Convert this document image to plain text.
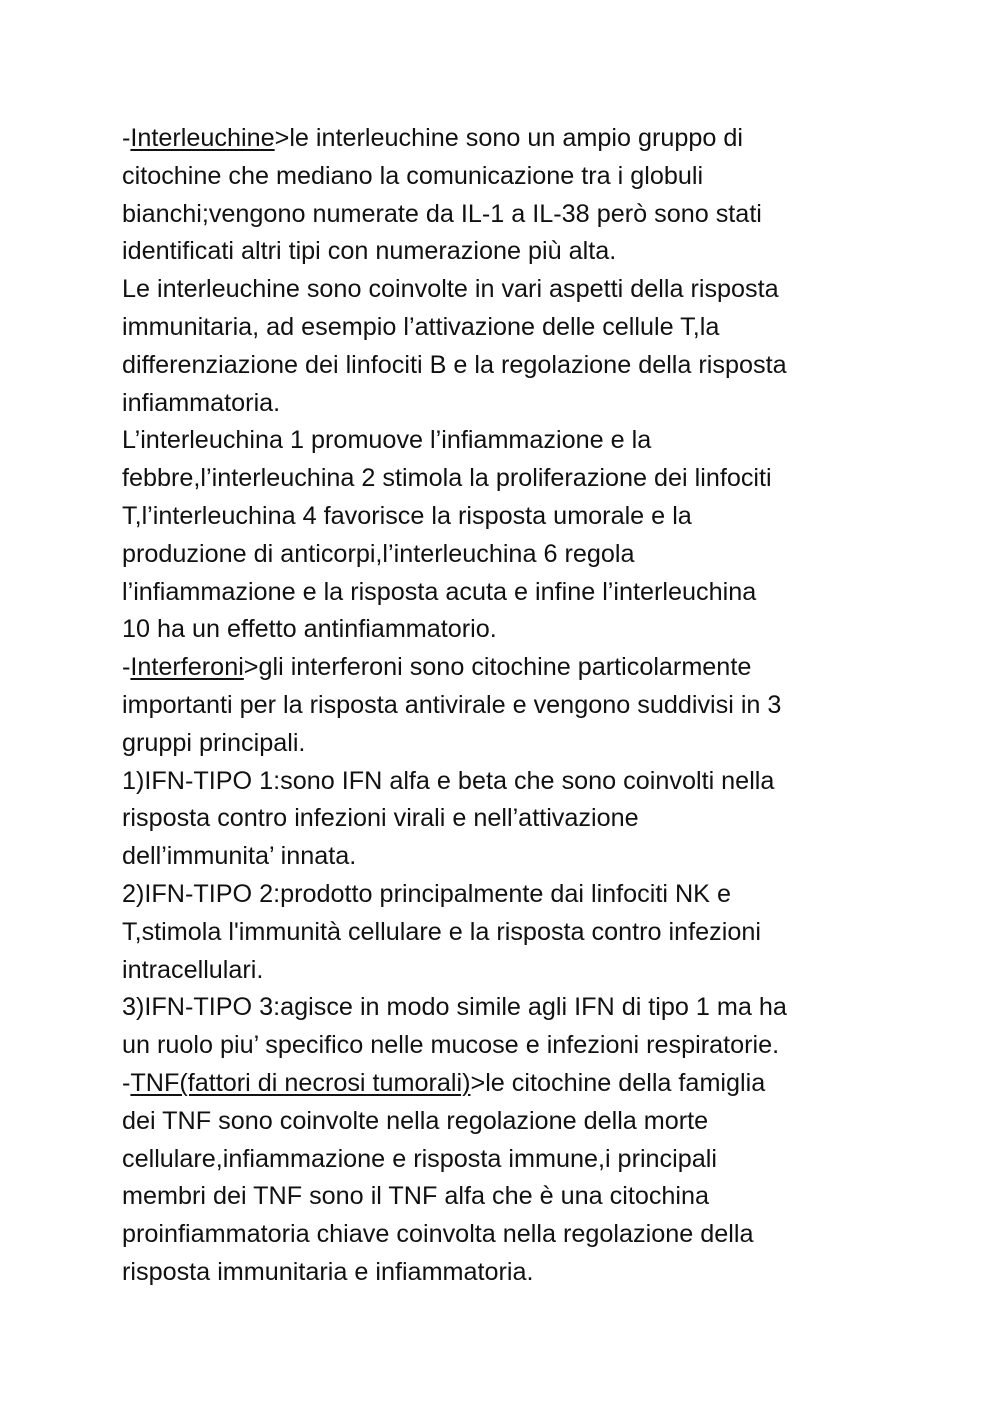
-Interleuchine>le interleuchine sono un ampio gruppo di
citochine che mediano la comunicazione tra i globuli
bianchi;vengono numerate da IL-1 a IL-38 però sono stati
identificati altri tipi con numerazione più alta.
Le interleuchine sono coinvolte in vari aspetti della risposta
immunitaria, ad esempio l’attivazione delle cellule T,la
differenziazione dei linfociti B e la regolazione della risposta
infiammatoria.
L’interleuchina 1 promuove l’infiammazione e la
febbre,l’interleuchina 2 stimola la proliferazione dei linfociti
T,l’interleuchina 4 favorisce la risposta umorale e la
produzione di anticorpi,l’interleuchina 6 regola
l’infiammazione e la risposta acuta e infine l’interleuchina
10 ha un effetto antinfiammatorio.
-Interferoni>gli interferoni sono citochine particolarmente
importanti per la risposta antivirale e vengono suddivisi in 3
gruppi principali.
1)IFN-TIPO 1:sono IFN alfa e beta che sono coinvolti nella
risposta contro infezioni virali e nell’attivazione
dell’immunita’ innata.
2)IFN-TIPO 2:prodotto principalmente dai linfociti NK e
T,stimola l'immunità cellulare e la risposta contro infezioni
intracellulari.
3)IFN-TIPO 3:agisce in modo simile agli IFN di tipo 1 ma ha
un ruolo piu’ specifico nelle mucose e infezioni respiratorie.
-TNF(fattori di necrosi tumorali)>le citochine della famiglia
dei TNF sono coinvolte nella regolazione della morte
cellulare,infiammazione e risposta immune,i principali
membri dei TNF sono il TNF alfa che è una citochina
proinfiammatoria chiave coinvolta nella regolazione della
risposta immunitaria e infiammatoria.
